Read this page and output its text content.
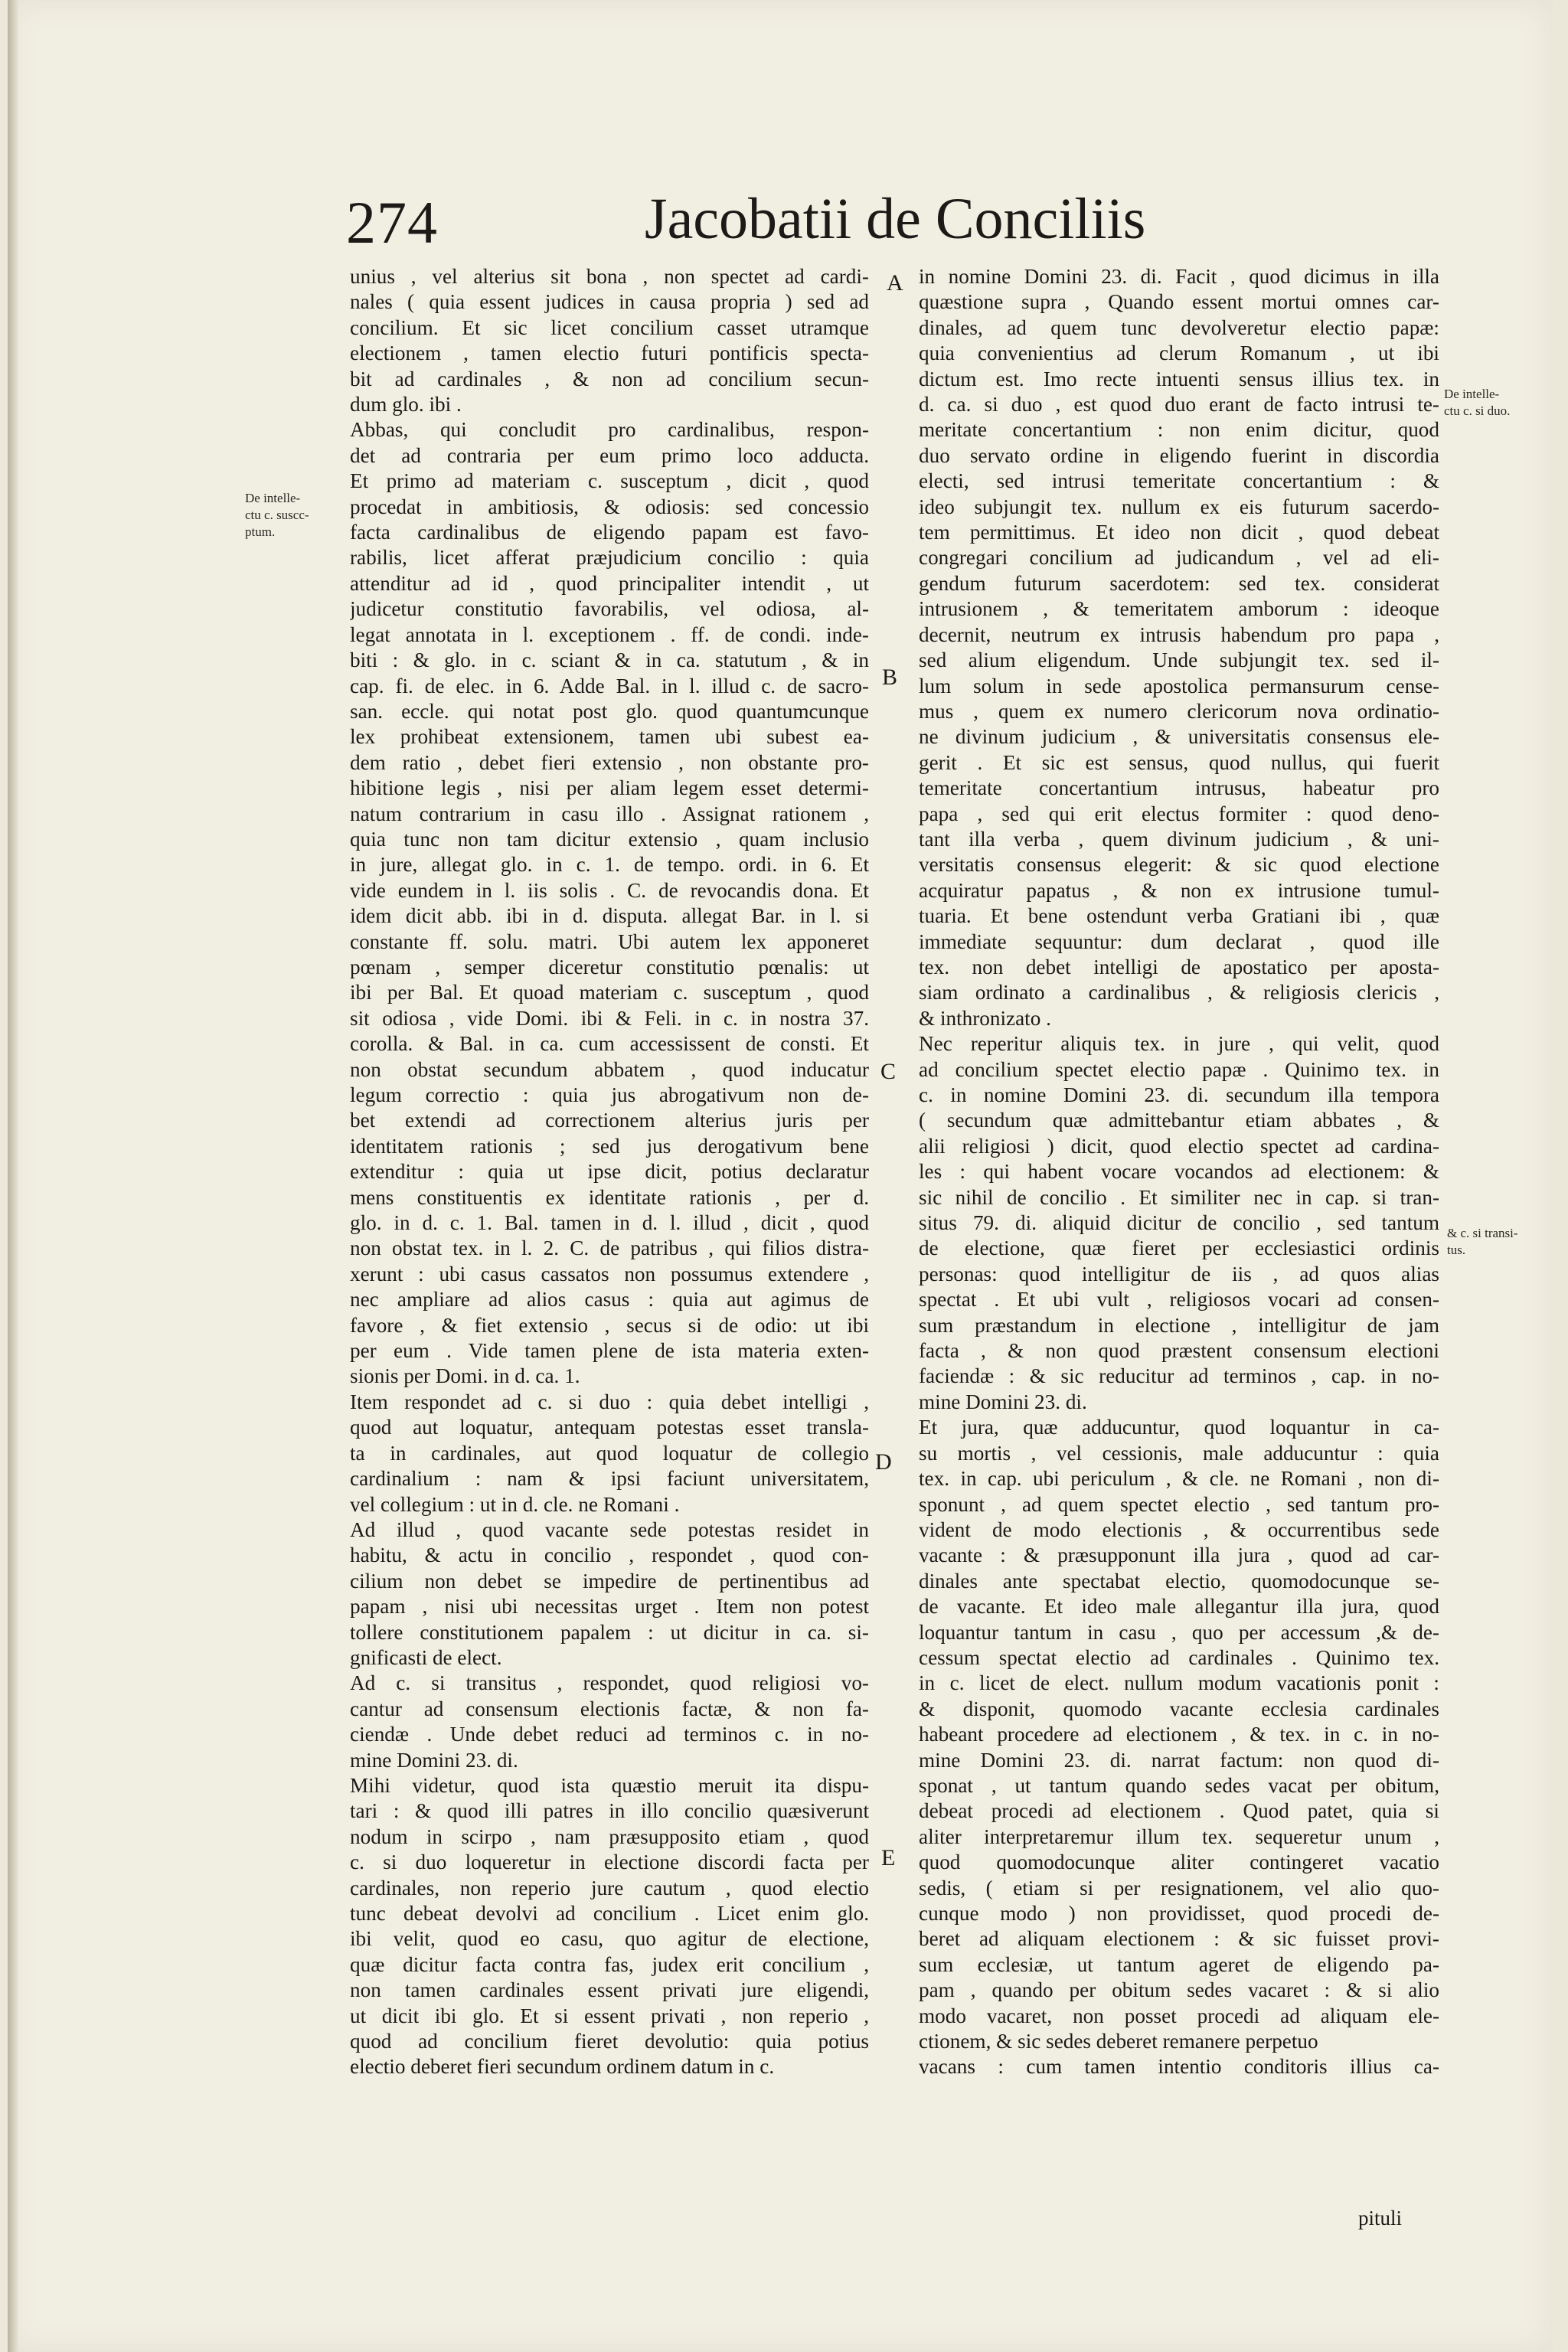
274	Jacobatii de Conciliis
A
B
C
D
E
De intelle-
ctu c. suscc-
ptum.
De intelle-
ctu c. si duo.
& c. si transi-
tus.
unius , vel alterius sit bona , non spectet ad cardi-
nales ( quia essent judices in causa propria ) sed ad
concilium. Et sic licet concilium casset utramque
electionem , tamen electio futuri pontificis specta-
bit ad cardinales , & non ad concilium secun-
dum glo. ibi .
Abbas, qui concludit pro cardinalibus, respon-
det ad contraria per eum primo loco adducta.
Et primo ad materiam c. susceptum , dicit , quod
procedat in ambitiosis, & odiosis: sed concessio
facta cardinalibus de eligendo papam est favo-
rabilis, licet afferat præjudicium concilio : quia
attenditur ad id , quod principaliter intendit , ut
judicetur constitutio favorabilis, vel odiosa, al-
legat annotata in l. exceptionem . ff. de condi. inde-
biti : & glo. in c. sciant & in ca. statutum , & in
cap. fi. de elec. in 6. Adde Bal. in l. illud c. de sacro-
san. eccle. qui notat post glo. quod quantumcunque
lex prohibeat extensionem, tamen ubi subest ea-
dem ratio , debet fieri extensio , non obstante pro-
hibitione legis , nisi per aliam legem esset determi-
natum contrarium in casu illo . Assignat rationem ,
quia tunc non tam dicitur extensio , quam inclusio
in jure, allegat glo. in c. 1. de tempo. ordi. in 6. Et
vide eundem in l. iis solis . C. de revocandis dona. Et
idem dicit abb. ibi in d. disputa. allegat Bar. in l. si
constante ff. solu. matri. Ubi autem lex apponeret
pœnam , semper diceretur constitutio pœnalis: ut
ibi per Bal. Et quoad materiam c. susceptum , quod
sit odiosa , vide Domi. ibi & Feli. in c. in nostra 37.
corolla. & Bal. in ca. cum accessissent de consti. Et
non obstat secundum abbatem , quod inducatur
legum correctio : quia jus abrogativum non de-
bet extendi ad correctionem alterius juris per
identitatem rationis ; sed jus derogativum bene
extenditur : quia ut ipse dicit, potius declaratur
mens constituentis ex identitate rationis , per d.
glo. in d. c. 1. Bal. tamen in d. l. illud , dicit , quod
non obstat tex. in l. 2. C. de patribus , qui filios distra-
xerunt : ubi casus cassatos non possumus extendere ,
nec ampliare ad alios casus : quia aut agimus de
favore , & fiet extensio , secus si de odio: ut ibi
per eum . Vide tamen plene de ista materia exten-
sionis per Domi. in d. ca. 1.
Item respondet ad c. si duo : quia debet intelligi ,
quod aut loquatur, antequam potestas esset transla-
ta in cardinales, aut quod loquatur de collegio
cardinalium : nam & ipsi faciunt universitatem,
vel collegium : ut in d. cle. ne Romani .
Ad illud , quod vacante sede potestas residet in
habitu, & actu in concilio , respondet , quod con-
cilium non debet se impedire de pertinentibus ad
papam , nisi ubi necessitas urget . Item non potest
tollere constitutionem papalem : ut dicitur in ca. si-
gnificasti de elect.
Ad c. si transitus , respondet, quod religiosi vo-
cantur ad consensum electionis factæ, & non fa-
ciendæ . Unde debet reduci ad terminos c. in no-
mine Domini 23. di.
Mihi videtur, quod ista quæstio meruit ita dispu-
tari : & quod illi patres in illo concilio quæsiverunt
nodum in scirpo , nam præsupposito etiam , quod
c. si duo loqueretur in electione discordi facta per
cardinales, non reperio jure cautum , quod electio
tunc debeat devolvi ad concilium . Licet enim glo.
ibi velit, quod eo casu, quo agitur de electione,
quæ dicitur facta contra fas, judex erit concilium ,
non tamen cardinales essent privati jure eligendi,
ut dicit ibi glo. Et si essent privati , non reperio ,
quod ad concilium fieret devolutio: quia potius
electio deberet fieri secundum ordinem datum in c.
in nomine Domini 23. di. Facit , quod dicimus in illa
quæstione supra , Quando essent mortui omnes car-
dinales, ad quem tunc devolveretur electio papæ:
quia convenientius ad clerum Romanum , ut ibi
dictum est. Imo recte intuenti sensus illius tex. in
d. ca. si duo , est quod duo erant de facto intrusi te-
meritate concertantium : non enim dicitur, quod
duo servato ordine in eligendo fuerint in discordia
electi, sed intrusi temeritate concertantium : &
ideo subjungit tex. nullum ex eis futurum sacerdo-
tem permittimus. Et ideo non dicit , quod debeat
congregari concilium ad judicandum , vel ad eli-
gendum futurum sacerdotem: sed tex. considerat
intrusionem , & temeritatem amborum : ideoque
decernit, neutrum ex intrusis habendum pro papa ,
sed alium eligendum. Unde subjungit tex. sed il-
lum solum in sede apostolica permansurum cense-
mus , quem ex numero clericorum nova ordinatio-
ne divinum judicium , & universitatis consensus ele-
gerit . Et sic est sensus, quod nullus, qui fuerit
temeritate concertantium intrusus, habeatur pro
papa , sed qui erit electus formiter : quod deno-
tant illa verba , quem divinum judicium , & uni-
versitatis consensus elegerit: & sic quod electione
acquiratur papatus , & non ex intrusione tumul-
tuaria. Et bene ostendunt verba Gratiani ibi , quæ
immediate sequuntur: dum declarat , quod ille
tex. non debet intelligi de apostatico per aposta-
siam ordinato a cardinalibus , & religiosis clericis ,
& inthronizato .
Nec reperitur aliquis tex. in jure , qui velit, quod
ad concilium spectet electio papæ . Quinimo tex. in
c. in nomine Domini 23. di. secundum illa tempora
( secundum quæ admittebantur etiam abbates , &
alii religiosi ) dicit, quod electio spectet ad cardina-
les : qui habent vocare vocandos ad electionem: &
sic nihil de concilio . Et similiter nec in cap. si tran-
situs 79. di. aliquid dicitur de concilio , sed tantum
de electione, quæ fieret per ecclesiastici ordinis
personas: quod intelligitur de iis , ad quos alias
spectat . Et ubi vult , religiosos vocari ad consen-
sum præstandum in electione , intelligitur de jam
facta , & non quod præstent consensum electioni
faciendæ : & sic reducitur ad terminos , cap. in no-
mine Domini 23. di.
Et jura, quæ adducuntur, quod loquantur in ca-
su mortis , vel cessionis, male adducuntur : quia
tex. in cap. ubi periculum , & cle. ne Romani , non di-
sponunt , ad quem spectet electio , sed tantum pro-
vident de modo electionis , & occurrentibus sede
vacante : & præsupponunt illa jura , quod ad car-
dinales ante spectabat electio, quomodocunque se-
de vacante. Et ideo male allegantur illa jura, quod
loquantur tantum in casu , quo per accessum ,& de-
cessum spectat electio ad cardinales . Quinimo tex.
in c. licet de elect. nullum modum vacationis ponit :
& disponit, quomodo vacante ecclesia cardinales
habeant procedere ad electionem , & tex. in c. in no-
mine Domini 23. di. narrat factum: non quod di-
sponat , ut tantum quando sedes vacat per obitum,
debeat procedi ad electionem . Quod patet, quia si
aliter interpretaremur illum tex. sequeretur unum ,
quod quomodocunque aliter contingeret vacatio
sedis, ( etiam si per resignationem, vel alio quo-
cunque modo ) non providisset, quod procedi de-
beret ad aliquam electionem : & sic fuisset provi-
sum ecclesiæ, ut tantum ageret de eligendo pa-
pam , quando per obitum sedes vacaret : & si alio
modo vacaret, non posset procedi ad aliquam ele-
ctionem, & sic sedes deberet remanere perpetuo
vacans : cum tamen intentio conditoris illius ca-
pituli
